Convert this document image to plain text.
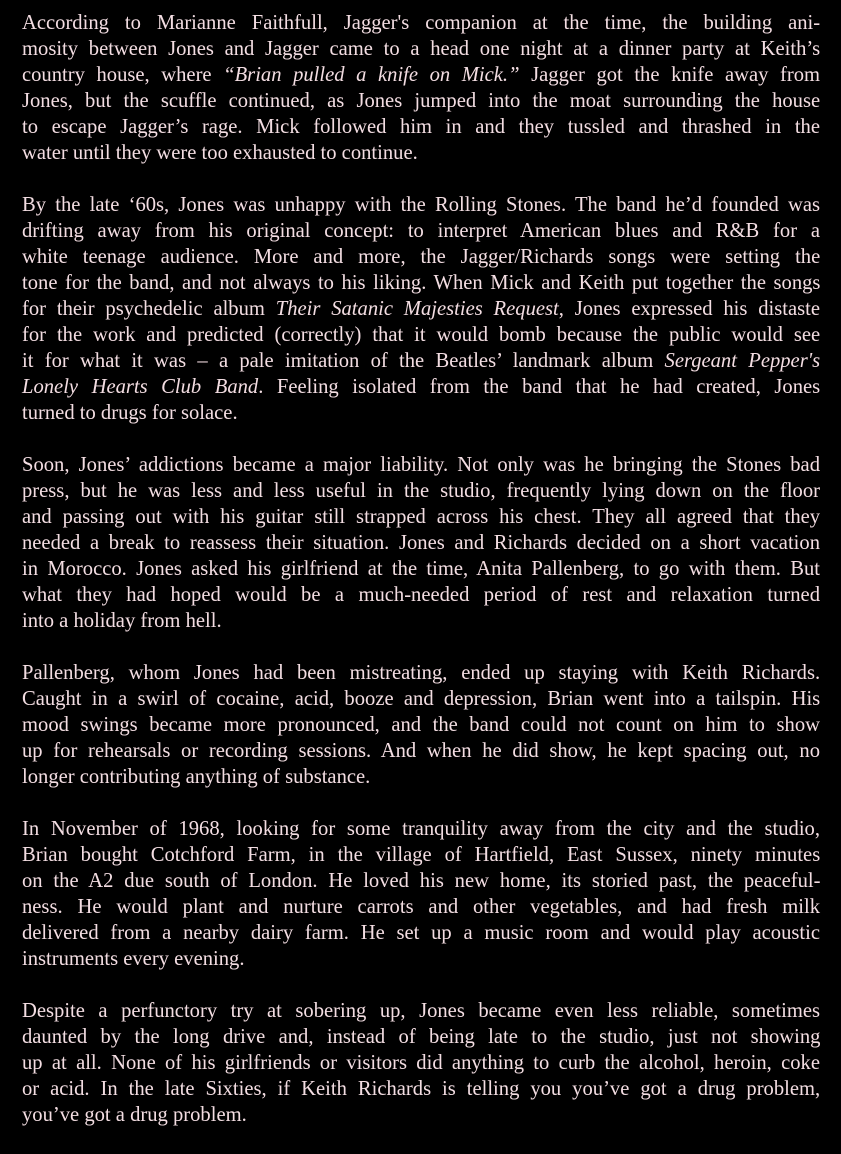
According to Marianne Faithfull, Jagger's companion at the time, the building ani-
mosity between Jones and Jagger came to a head one night at a dinner party at Keith’s
country house, where “Brian pulled a knife on Mick.” Jagger got the knife away from
Jones, but the scuffle continued, as Jones jumped into the moat surrounding the house
to escape Jagger’s rage. Mick followed him in and they tussled and thrashed in the
water until they were too exhausted to continue.
By the late ‘60s, Jones was unhappy with the Rolling Stones. The band he’d founded was
drifting away from his original concept: to interpret American blues and R&B for a
white teenage audience. More and more, the Jagger/Richards songs were setting the
tone for the band, and not always to his liking. When Mick and Keith put together the songs
for their psychedelic album Their Satanic Majesties Request, Jones expressed his distaste
for the work and predicted (correctly) that it would bomb because the public would see
it for what it was – a pale imitation of the Beatles’ landmark album Sergeant Pepper's
Lonely Hearts Club Band. Feeling isolated from the band that he had created, Jones
turned to drugs for solace.
Soon, Jones’ addictions became a major liability. Not only was he bringing the Stones bad
press, but he was less and less useful in the studio, frequently lying down on the floor
and passing out with his guitar still strapped across his chest. They all agreed that they
needed a break to reassess their situation. Jones and Richards decided on a short vacation
in Morocco. Jones asked his girlfriend at the time, Anita Pallenberg, to go with them. But
what they had hoped would be a much-needed period of rest and relaxation turned
into a holiday from hell.
Pallenberg, whom Jones had been mistreating, ended up staying with Keith Richards.
Caught in a swirl of cocaine, acid, booze and depression, Brian went into a tailspin. His
mood swings became more pronounced, and the band could not count on him to show
up for rehearsals or recording sessions. And when he did show, he kept spacing out, no
longer contributing anything of substance.
In November of 1968, looking for some tranquility away from the city and the studio,
Brian bought Cotchford Farm, in the village of Hartfield, East Sussex, ninety minutes
on the A2 due south of London. He loved his new home, its storied past, the peaceful-
ness. He would plant and nurture carrots and other vegetables, and had fresh milk
delivered from a nearby dairy farm. He set up a music room and would play acoustic
instruments every evening.
Despite a perfunctory try at sobering up, Jones became even less reliable, sometimes
daunted by the long drive and, instead of being late to the studio, just not showing
up at all. None of his girlfriends or visitors did anything to curb the alcohol, heroin, coke
or acid. In the late Sixties, if Keith Richards is telling you you’ve got a drug problem,
you’ve got a drug problem.
